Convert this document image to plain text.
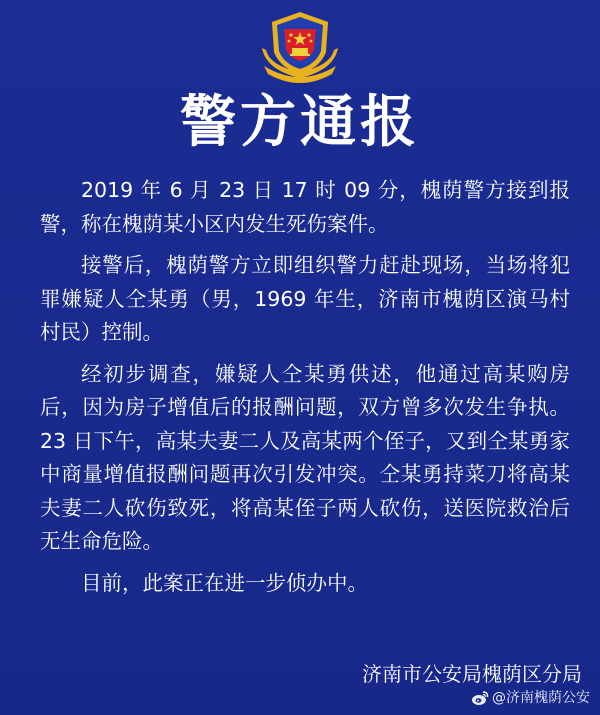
警方通报

2019 年 6 月 23 日 17 时 09 分，槐荫警方接到报警，称在槐荫某小区内发生死伤案件。

接警后，槐荫警方立即组织警力赶赴现场，当场将犯罪嫌疑人仝某勇（男，1969 年生，济南市槐荫区演马村村民）控制。

经初步调查，嫌疑人仝某勇供述，他通过高某购房后，因为房子增值后的报酬问题，双方曾多次发生争执。23 日下午，高某夫妻二人及高某两个侄子，又到仝某勇家中商量增值报酬问题再次引发冲突。仝某勇持菜刀将高某夫妻二人砍伤致死，将高某侄子两人砍伤，送医院救治后无生命危险。

目前，此案正在进一步侦办中。

济南市公安局槐荫区分局
@济南槐荫公安
